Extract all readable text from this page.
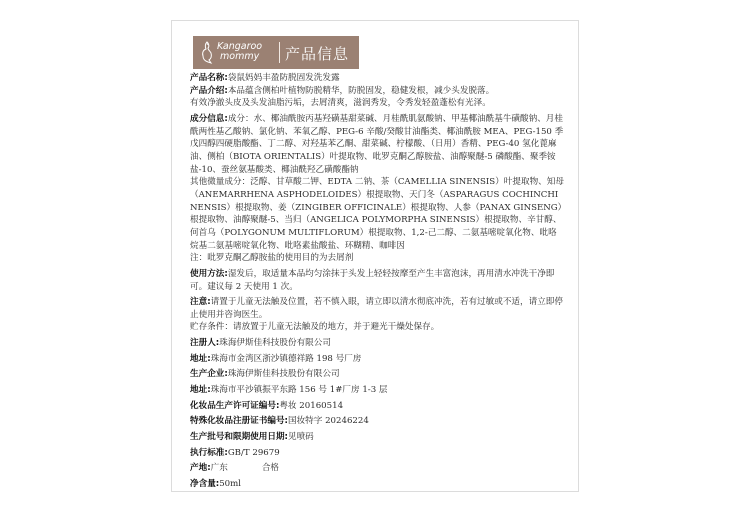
Kangaroo
mommy 产品信息
产品名称:袋鼠妈妈丰盈防脱固发洗发露
产品介绍:本品蕴含侧柏叶植物防脱精华，防脱固发，稳健发根，减少头发脱落。
有效净澈头皮及头发油脂污垢，去屑清爽，滋润秀发，令秀发轻盈蓬松有光泽。
成分信息:成分：水、椰油酰胺丙基羟磺基甜菜碱、月桂酰肌氨酸钠、甲基椰油酰基牛磺酸钠、月桂酰两性基乙酸钠、氯化钠、苯氧乙醇、PEG-6 辛酸/癸酸甘油酯类、椰油酰胺 MEA、PEG-150 季戊四醇四硬脂酸酯、丁二醇、对羟基苯乙酮、甜菜碱、柠檬酸、（日用）香精、PEG-40 氢化蓖麻油、侧柏（BIOTA ORIENTALIS）叶提取物、吡罗克酮乙醇胺盐、油醇聚醚-5 磷酸酯、聚季铵盐-10、蚕丝氨基酸类、椰油酰羟乙磺酸酯钠
其他微量成分：泛醇、甘草酸二钾、EDTA 二钠、茶（CAMELLIA SINENSIS）叶提取物、知母（ANEMARRHENA ASPHODELOIDES）根提取物、天门冬（ASPARAGUS COCHINCHINENSIS）根提取物、姜（ZINGIBER OFFICINALE）根提取物、人参（PANAX GINSENG）根提取物、油醇聚醚-5、当归（ANGELICA POLYMORPHA SINENSIS）根提取物、辛甘醇、何首乌（POLYGONUM MULTIFLORUM）根提取物、1,2-己二醇、二氨基嘧啶氧化物、吡咯烷基二氨基嘧啶氧化物、吡咯素盐酸盐、环糊精、咖啡因
注：吡罗克酮乙醇胺盐的使用目的为去屑剂
使用方法:湿发后，取适量本品均匀涂抹于头发上轻轻按摩至产生丰富泡沫，再用清水冲洗干净即可。建议每 2 天使用 1 次。
注意:请置于儿童无法触及位置，若不慎入眼，请立即以清水彻底冲洗，若有过敏或不适，请立即停止使用并咨询医生。
贮存条件：请放置于儿童无法触及的地方，并于避光干燥处保存。
注册人:珠海伊斯佳科技股份有限公司
地址:珠海市金湾区浙沙镇德祥路 198 号厂房
生产企业:珠海伊斯佳科技股份有限公司
地址:珠海市平沙镇振平东路 156 号 1#厂房 1-3 层
化妆品生产许可证编号:粤妆 20160514
特殊化妆品注册证书编号:国妆特字 20246224
生产批号和限期使用日期:见喷码
执行标准:GB/T 29679
产地:广东	合格
净含量:50ml
